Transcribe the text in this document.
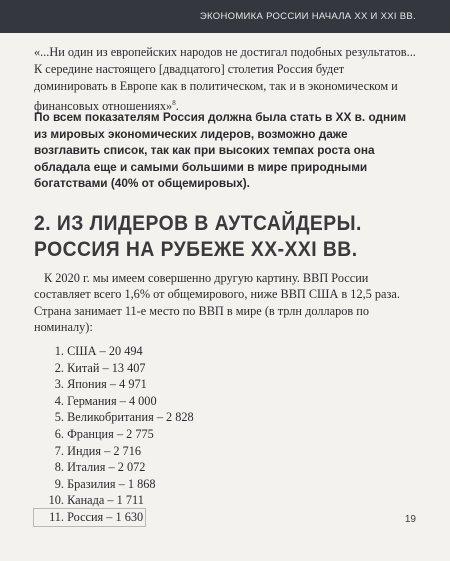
ЭКОНОМИКА РОССИИ НАЧАЛА XX И XXI ВВ.
«...Ни один из европейских народов не достигал подобных результатов... К середине настоящего [двадцатого] столетия Россия будет доминировать в Европе как в политическом, так и в экономическом и финансовых отношениях»$^8$.
По всем показателям Россия должна была стать в XX в. одним из мировых экономических лидеров, возможно даже возглавить список, так как при высоких темпах роста она обладала еще и самыми большими в мире природными богатствами (40% от общемировых).
2. ИЗ ЛИДЕРОВ В АУТСАЙДЕРЫ.
РОССИЯ НА РУБЕЖЕ XX-XXI ВВ.
К 2020 г. мы имеем совершенно другую картину. ВВП России составляет всего 1,6% от общемирового, ниже ВВП США в 12,5 раза. Страна занимает 11-е место по ВВП в мире (в трлн долларов по номиналу):
1. США – 20 494
2. Китай – 13 407
3. Япония – 4 971
4. Германия – 4 000
5. Великобритания – 2 828
6. Франция – 2 775
7. Индия – 2 716
8. Италия – 2 072
9. Бразилия – 1 868
10. Канада – 1 711
11. Россия – 1 630	19
